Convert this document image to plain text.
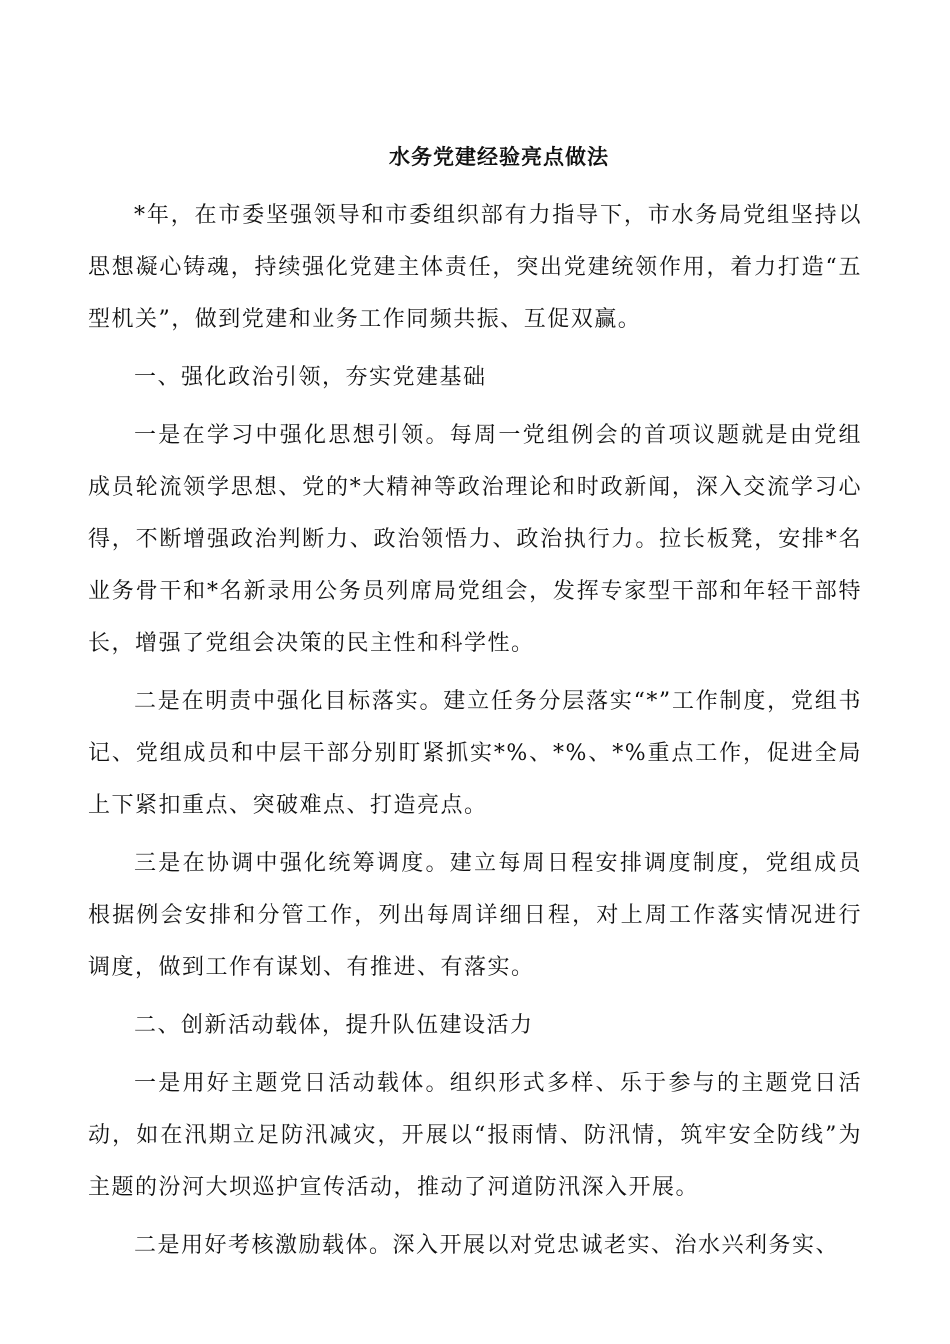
水务党建经验亮点做法

*年，在市委坚强领导和市委组织部有力指导下，市水务局党组坚持以思想凝心铸魂，持续强化党建主体责任，突出党建统领作用，着力打造“五型机关”，做到党建和业务工作同频共振、互促双赢。

一、强化政治引领，夯实党建基础

一是在学习中强化思想引领。每周一党组例会的首项议题就是由党组成员轮流领学思想、党的*大精神等政治理论和时政新闻，深入交流学习心得，不断增强政治判断力、政治领悟力、政治执行力。拉长板凳，安排*名业务骨干和*名新录用公务员列席局党组会，发挥专家型干部和年轻干部特长，增强了党组会决策的民主性和科学性。

二是在明责中强化目标落实。建立任务分层落实“*”工作制度，党组书记、党组成员和中层干部分别盯紧抓实*%、*%、*%重点工作，促进全局上下紧扣重点、突破难点、打造亮点。

三是在协调中强化统筹调度。建立每周日程安排调度制度，党组成员根据例会安排和分管工作，列出每周详细日程，对上周工作落实情况进行调度，做到工作有谋划、有推进、有落实。

二、创新活动载体，提升队伍建设活力

一是用好主题党日活动载体。组织形式多样、乐于参与的主题党日活动，如在汛期立足防汛减灾，开展以“报雨情、防汛情，筑牢安全防线”为主题的汾河大坝巡护宣传活动，推动了河道防汛深入开展。

二是用好考核激励载体。深入开展以对党忠诚老实、治水兴利务实、
